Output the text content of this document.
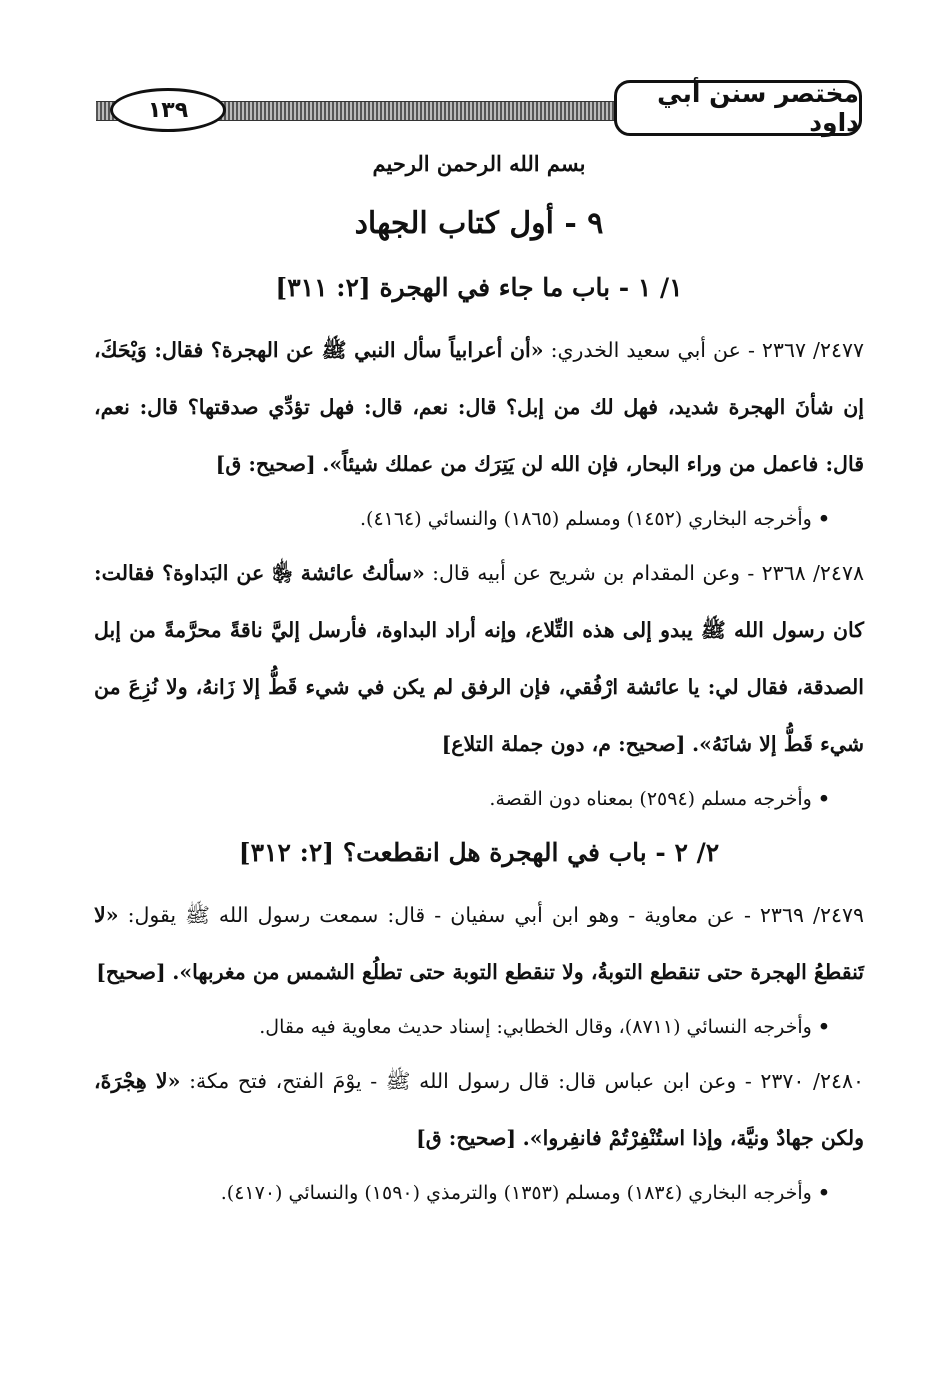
مختصر سنن أبي داود
١٣٩
بسم الله الرحمن الرحيم
٩ - أول كتاب الجهاد
١/ ١ - باب ما جاء في الهجرة [٢: ٣١١]
٢٤٧٧/ ٢٣٦٧ - عن أبي سعيد الخدري: «أن أعرابياً سأل النبي ﷺ عن الهجرة؟ فقال: وَيْحَكَ، إن شأنَ الهجرة شديد، فهل لك من إبل؟ قال: نعم، قال: فهل تؤدِّي صدقتها؟ قال: نعم، قال: فاعمل من وراء البحار، فإن الله لن يَتِرَك من عملك شيئاً». [صحيح: ق]
•وأخرجه البخاري (١٤٥٢) ومسلم (١٨٦٥) والنسائي (٤١٦٤).
٢٤٧٨/ ٢٣٦٨ - وعن المقدام بن شريح عن أبيه قال: «سألتُ عائشة ﵂ عن البَداوة؟ فقالت: كان رسول الله ﷺ يبدو إلى هذه التِّلاع، وإنه أراد البداوة، فأرسل إليَّ ناقةً محرَّمةً من إبل الصدقة، فقال لي: يا عائشة ارْفُقي، فإن الرفق لم يكن في شيء قَطُّ إلا زَانهُ، ولا نُزِعَ من شيء قَطُّ إلا شانَهُ». [صحيح: م، دون جملة التلاع]
•وأخرجه مسلم (٢٥٩٤) بمعناه دون القصة.
٢/ ٢ - باب في الهجرة هل انقطعت؟ [٢: ٣١٢]
٢٤٧٩/ ٢٣٦٩ - عن معاوية - وهو ابن أبي سفيان - قال: سمعت رسول الله ﷺ يقول: «لا تَنقطعُ الهجرة حتى تنقطع التوبةُ، ولا تنقطع التوبة حتى تطلُع الشمس من مغربها». [صحيح]
•وأخرجه النسائي (٨٧١١)، وقال الخطابي: إسناد حديث معاوية فيه مقال.
٢٤٨٠/ ٢٣٧٠ - وعن ابن عباس قال: قال رسول الله ﷺ - يوْمَ الفتح، فتح مكة: «لا هِجْرَةَ، ولكن جهادٌ ونيَّة، وإذا استُنْفِرْتُمْ فانفِروا». [صحيح: ق]
•وأخرجه البخاري (١٨٣٤) ومسلم (١٣٥٣) والترمذي (١٥٩٠) والنسائي (٤١٧٠).
